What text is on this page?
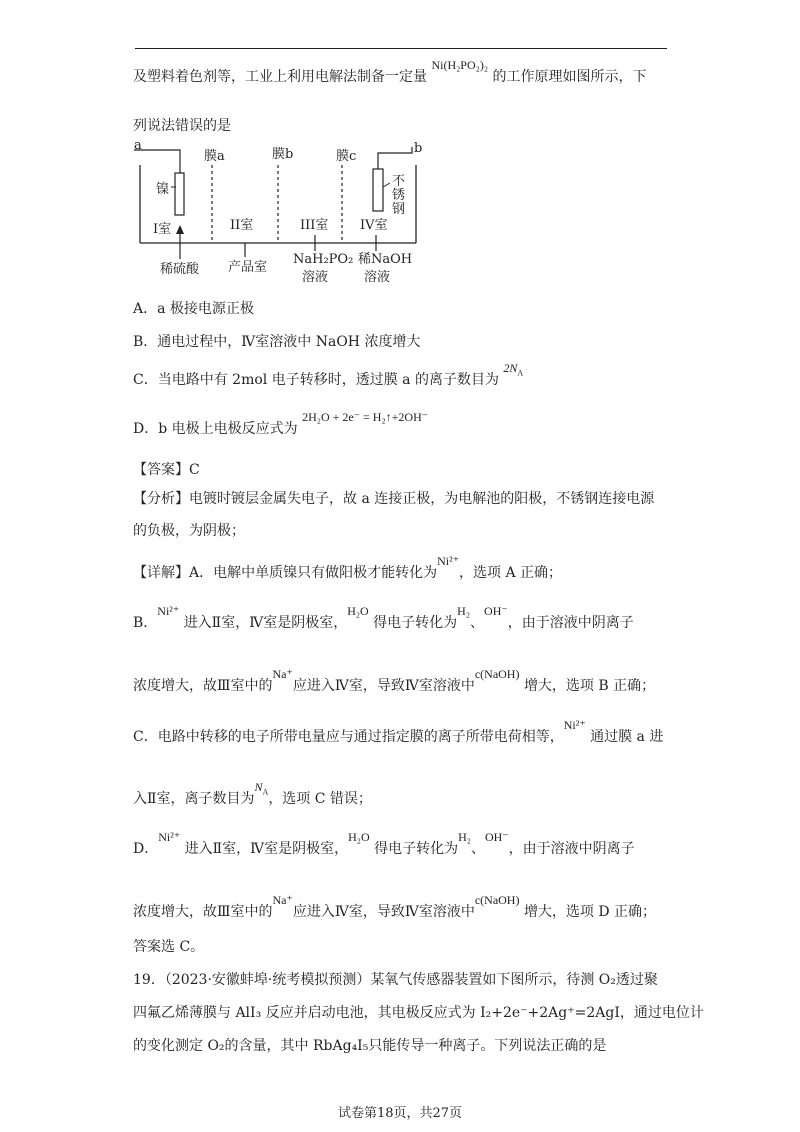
及塑料着色剂等，工业上利用电解法制备一定量 Ni(H₂PO₂)₂ 的工作原理如图所示，下
列说法错误的是
a	b
镍
不
锈
钢
膜a	膜b	膜c
I室	II室	III室 IV室
稀硫酸 产品室
NaH₂PO₂
溶液
稀NaOH
溶液
A．a 极接电源正极
B．通电过程中，Ⅳ室溶液中 NaOH 浓度增大
C．当电路中有 2mol 电子转移时，透过膜 a 的离子数目为 $2N_A$
D．b 电极上电极反应式为 2H₂O + 2e⁻ = H₂↑+2OH⁻
【答案】C
【分析】电镀时镀层金属失电子，故 a 连接正极，为电解池的阳极，不锈钢连接电源
的负极，为阴极；
【详解】A．电解中单质镍只有做阳极才能转化为Ni²⁺，选项 A 正确；
B．Ni²⁺ 进入Ⅱ室，Ⅳ室是阴极室，H₂O 得电子转化为H₂、OH⁻，由于溶液中阴离子
浓度增大，故Ⅲ室中的Na⁺应进入Ⅳ室，导致Ⅳ室溶液中c(NaOH) 增大，选项 B 正确；
C．电路中转移的电子所带电量应与通过指定膜的离子所带电荷相等，Ni²⁺ 通过膜 a 进
入Ⅱ室，离子数目为$N_A$，选项 C 错误；
D．Ni²⁺ 进入Ⅱ室，Ⅳ室是阴极室，H₂O 得电子转化为H₂、OH⁻，由于溶液中阴离子
浓度增大，故Ⅲ室中的Na⁺应进入Ⅳ室，导致Ⅳ室溶液中c(NaOH) 增大，选项 D 正确；
答案选 C。
19．（2023·安徽蚌埠·统考模拟预测）某氧气传感器装置如下图所示，待测 O₂透过聚
四氟乙烯薄膜与 AlI₃ 反应并启动电池，其电极反应式为 I₂+2e⁻+2Ag⁺=2AgI，通过电位计
的变化测定 O₂的含量，其中 RbAg₄I₅只能传导一种离子。下列说法正确的是
试卷第18页，共27页
